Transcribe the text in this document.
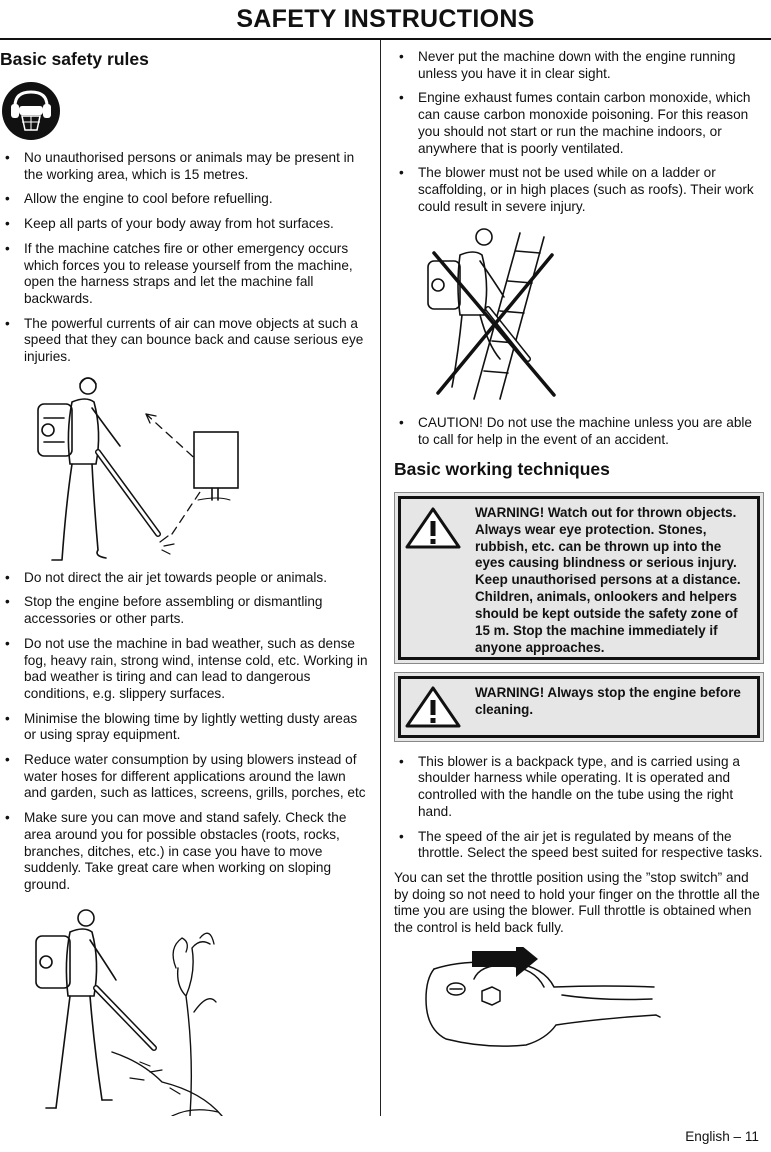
SAFETY INSTRUCTIONS
Basic safety rules
• No unauthorised persons or animals may be present in the working area, which is 15 metres.
• Allow the engine to cool before refuelling.
• Keep all parts of your body away from hot surfaces.
• If the machine catches fire or other emergency occurs which forces you to release yourself from the machine, open the harness straps and let the machine fall backwards.
• The powerful currents of air can move objects at such a speed that they can bounce back and cause serious eye injuries.
• Do not direct the air jet towards people or animals.
• Stop the engine before assembling or dismantling accessories or other parts.
• Do not use the machine in bad weather, such as dense fog, heavy rain, strong wind, intense cold, etc. Working in bad weather is tiring and can lead to dangerous conditions, e.g. slippery surfaces.
• Minimise the blowing time by lightly wetting dusty areas or using spray equipment.
• Reduce water consumption by using blowers instead of water hoses for different applications around the lawn and garden, such as lattices, screens, grills, porches, etc
• Make sure you can move and stand safely. Check the area around you for possible obstacles (roots, rocks, branches, ditches, etc.) in case you have to move suddenly. Take great care when working on sloping ground.
• Never put the machine down with the engine running unless you have it in clear sight.
• Engine exhaust fumes contain carbon monoxide, which can cause carbon monoxide poisoning. For this reason you should not start or run the machine indoors, or anywhere that is poorly ventilated.
• The blower must not be used while on a ladder or scaffolding, or in high places (such as roofs). Their work could result in severe injury.
• CAUTION! Do not use the machine unless you are able to call for help in the event of an accident.
Basic working techniques
WARNING! Watch out for thrown objects. Always wear eye protection. Stones, rubbish, etc. can be thrown up into the eyes causing blindness or serious injury. Keep unauthorised persons at a distance. Children, animals, onlookers and helpers should be kept outside the safety zone of 15 m. Stop the machine immediately if anyone approaches.
WARNING! Always stop the engine before cleaning.
• This blower is a backpack type, and is carried using a shoulder harness while operating. It is operated and controlled with the handle on the tube using the right hand.
• The speed of the air jet is regulated by means of the throttle. Select the speed best suited for respective tasks.

You can set the throttle position using the ”stop switch” and by doing so not need to hold your finger on the throttle all the time you are using the blower. Full throttle is obtained when the control is held back fully.

English – 11
